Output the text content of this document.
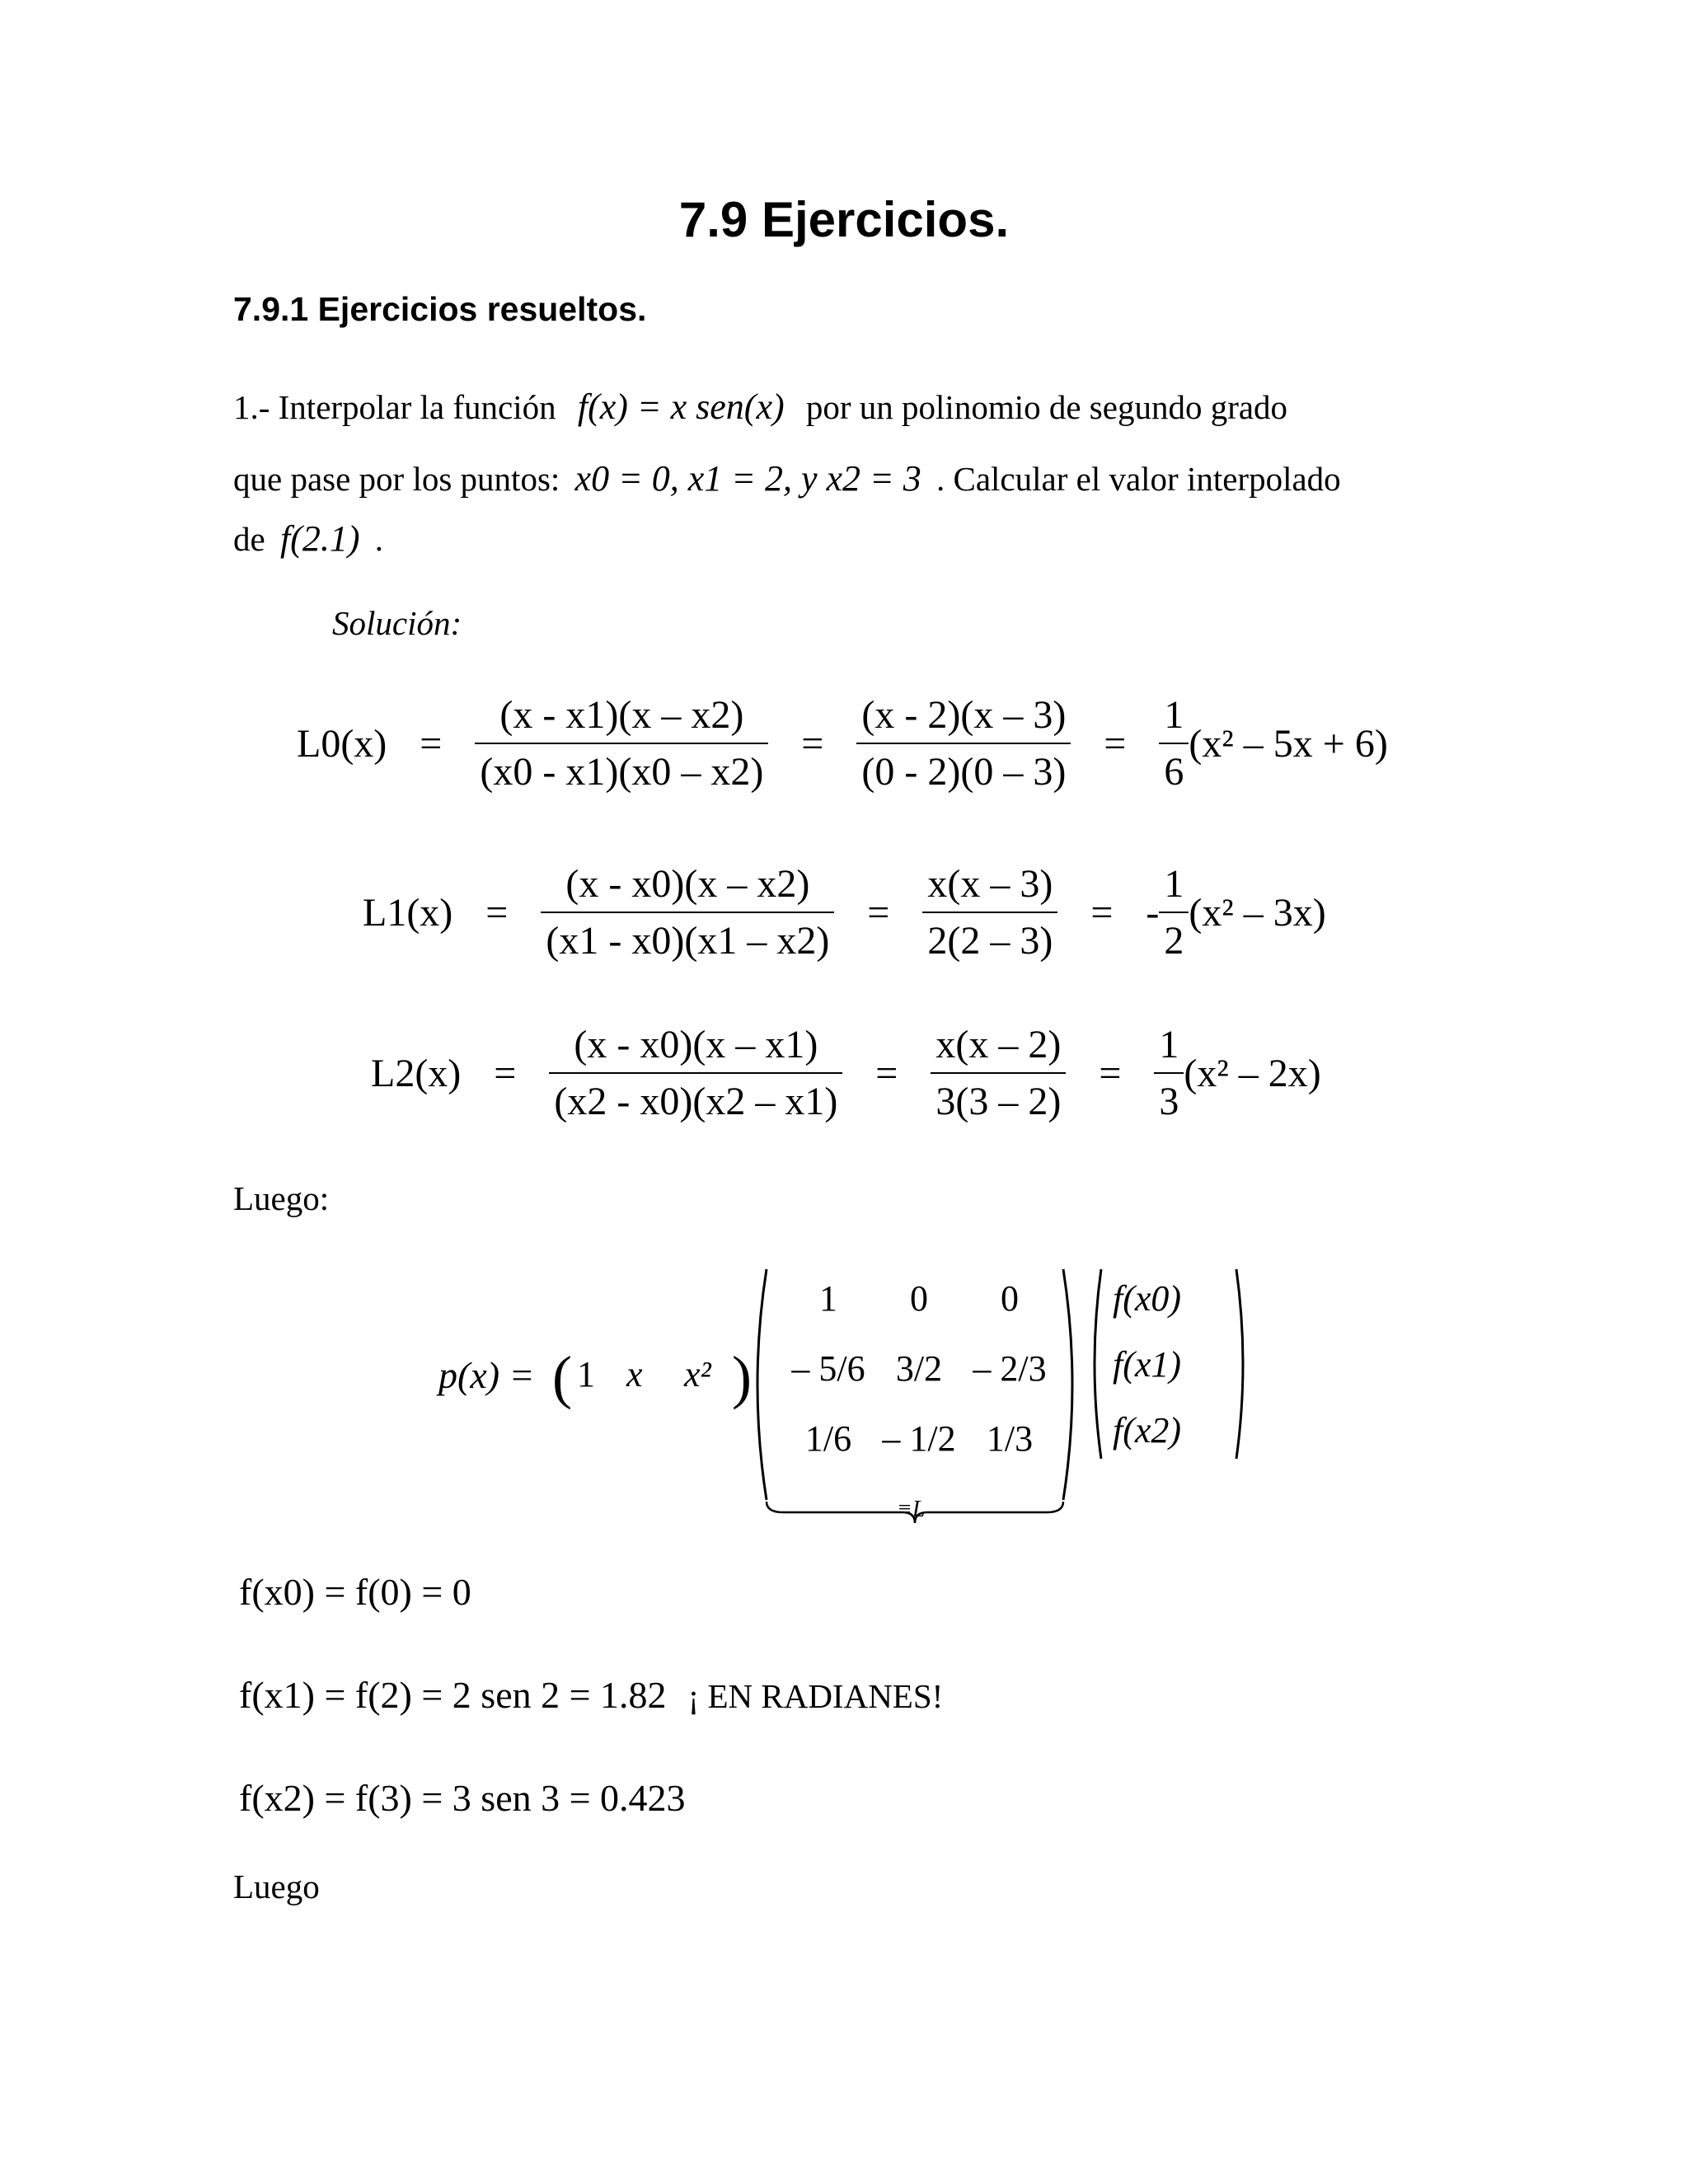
7.9 Ejercicios.
7.9.1 Ejercicios resueltos.
1.- Interpolar la función f(x) = x sen(x) por un polinomio de segundo grado
que pase por los puntos: x0 = 0, x1 = 2, y x2 = 3 . Calcular el valor interpolado
de f(2.1) .
Solución:
$L0(x) = \frac{(x - x1)(x - x2)}{(x0 - x1)(x0 - x2)} = \frac{(x - 2)(x - 3)}{(0 - 2)(0 - 3)} = \frac{1}{6} (x^2 - 5x + 6)$
$L1(x) = \frac{(x - x0)(x - x2)}{(x1 - x0)(x1 - x2)} = \frac{x(x - 3)}{2(2 - 3)}$ = - $\frac{1}{2} (x^2 - 3x)$
$L2(x) = \frac{(x - x0)(x - x1)}{(x2 - x0)(x2 - x1)} = \frac{x(x - 2)}{3(3 - 2)} = \frac{1}{3} (x^2 - 2x)$
Luego:
p(x) = ( 1 x x² )
1	0	0
– 5/6 3/2 – 2/3
1/6 – 1/2 1/3
≡L
f(x0)
f(x1)
f(x2)
f(x0) = f(0) = 0
f(x1) = f(2) = 2 sen 2 = 1.82 ¡ EN RADIANES!
f(x2) = f(3) = 3 sen 3 = 0.423
Luego
